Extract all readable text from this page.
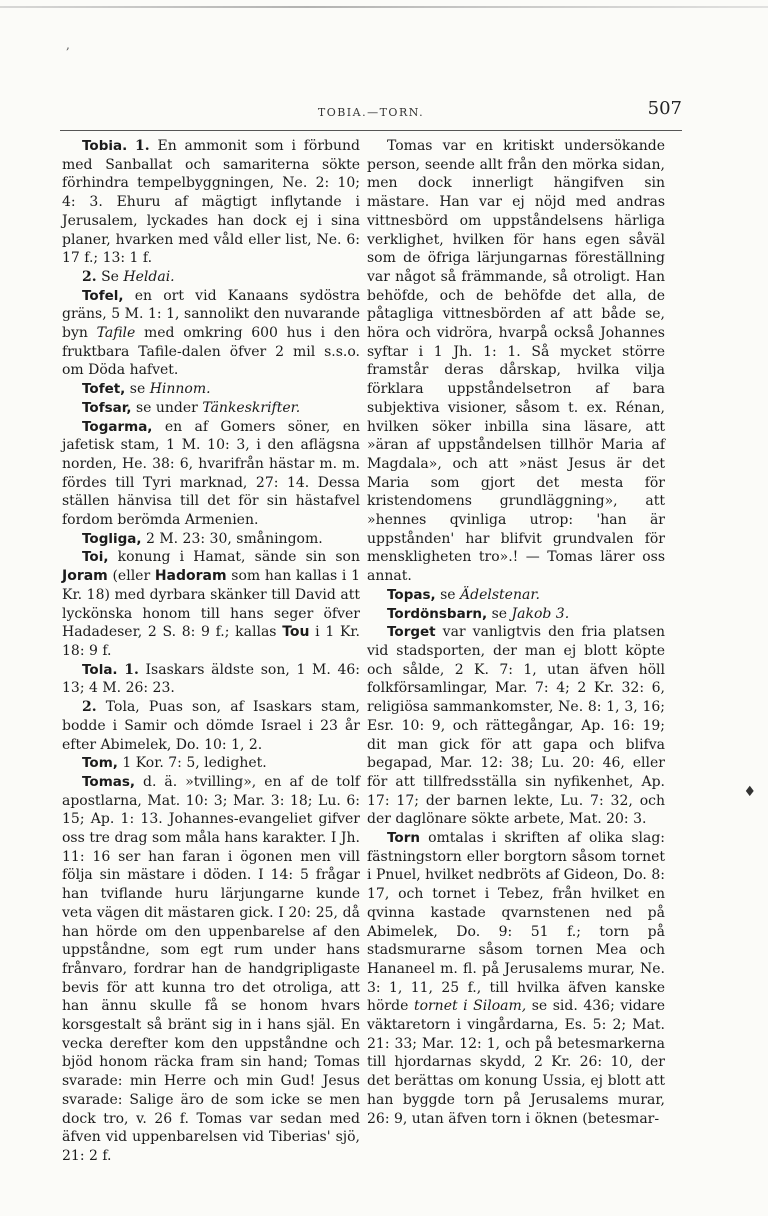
,
♦
TOBIA.—TORN.	507

Tobia. 1. En ammonit som i förbund med Sanballat och samariterna sökte förhindra tempelbyggningen, Ne. 2: 10; 4: 3. Ehuru af mägtigt inflytande i Jerusalem, lyckades han dock ej i sina planer, hvarken med våld eller list, Ne. 6: 17 f.; 13: 1 f.

2. Se Heldai.

Tofel, en ort vid Kanaans sydöstra gräns, 5 M. 1: 1, sannolikt den nuvarande byn Tafile med omkring 600 hus i den fruktbara Tafile-dalen öfver 2 mil s.s.o. om Döda hafvet.

Tofet, se Hinnom.

Tofsar, se under Tänkeskrifter.

Togarma, en af Gomers söner, en jafetisk stam, 1 M. 10: 3, i den aflägsna norden, He. 38: 6, hvarifrån hästar m. m. fördes till Tyri marknad, 27: 14. Dessa ställen hänvisa till det för sin hästafvel fordom berömda Armenien.

Togliga, 2 M. 23: 30, småningom.

Toi, konung i Hamat, sände sin son Joram (eller Hadoram som han kallas i 1 Kr. 18) med dyrbara skänker till David att lyckönska honom till hans seger öfver Hadadeser, 2 S. 8: 9 f.; kallas Tou i 1 Kr. 18: 9 f.

Tola. 1. Isaskars äldste son, 1 M. 46: 13; 4 M. 26: 23.

2. Tola, Puas son, af Isaskars stam, bodde i Samir och dömde Israel i 23 år efter Abimelek, Do. 10: 1, 2.

Tom, 1 Kor. 7: 5, ledighet.

Tomas, d. ä. »tvilling», en af de tolf apostlarna, Mat. 10: 3; Mar. 3: 18; Lu. 6: 15; Ap. 1: 13. Johannes-evangeliet gifver oss tre drag som måla hans karakter. I Jh. 11: 16 ser han faran i ögonen men vill följa sin mästare i döden. I 14: 5 frågar han tviflande huru lärjungarne kunde veta vägen dit mästaren gick. I 20: 25, då han hörde om den uppenbarelse af den uppståndne, som egt rum under hans frånvaro, fordrar han de handgripligaste bevis för att kunna tro det otroliga, att han ännu skulle få se honom hvars korsgestalt så bränt sig in i hans själ. En vecka derefter kom den uppståndne och bjöd honom räcka fram sin hand; Tomas svarade: min Herre och min Gud! Jesus svarade: Saligе äro de som icke se men dock tro, v. 26 f. Tomas var sedan med äfven vid uppenbarelsen vid Tiberias' sjö, 21: 2 f.

Tomas var en kritiskt undersökande person, seende allt från den mörka sidan, men dock innerligt hängifven sin mästare. Han var ej nöjd med andras vittnesbörd om uppståndelsens härliga verklighet, hvilken för hans egen såväl som de öfriga lärjungarnas föreställning var något så främmande, så otroligt. Han behöfde, och de behöfde det alla, de påtagliga vittnesbörden af att både se, höra och vidröra, hvarpå också Johannes syftar i 1 Jh. 1: 1. Så mycket större framstår deras dårskap, hvilka vilja förklara uppståndelsetron af bara subjektiva visioner, såsom t. ex. Rénan, hvilken söker inbilla sina läsare, att »äran af uppståndelsen tillhör Maria af Magdala», och att »näst Jesus är det Maria som gjort det mesta för kristendomens grundläggning», att »hennes qvinliga utrop: 'han är uppstånden' har blifvit grundvalen för menskligheten tro».! — Tomas lärer oss annat.

Topas, se Ädelstenar.

Tordönsbarn, se Jakob 3.

Torget var vanligtvis den fria platsen vid stadsporten, der man ej blott köpte och sålde, 2 K. 7: 1, utan äfven höll folkförsamlingar, Mar. 7: 4; 2 Kr. 32: 6, religiösa sammankomster, Ne. 8: 1, 3, 16; Esr. 10: 9, och rättegångar, Ap. 16: 19; dit man gick för att gapa och blifva begapad, Mar. 12: 38; Lu. 20: 46, eller för att tillfredsställa sin nyfikenhet, Ap. 17: 17; der barnen lekte, Lu. 7: 32, och der daglönare sökte arbete, Mat. 20: 3.

Torn omtalas i skriften af olika slag: fästningstorn eller borgtorn såsom tornet i Pnuel, hvilket nedbröts af Gideon, Do. 8: 17, och tornet i Tebez, från hvilket en qvinna kastade qvarnstenen ned på Abimelek, Do. 9: 51 f.; torn på stadsmurarne såsom tornen Mea och Hananeel m. fl. på Jerusalems murar, Ne. 3: 1, 11, 25 f., till hvilka äfven kanske hörde tornet i Siloam, se sid. 436; vidare väktaretorn i vingårdarna, Es. 5: 2; Mat. 21: 33; Mar. 12: 1, och på betesmarkerna till hjordarnas skydd, 2 Kr. 26: 10, der det berättas om konung Ussia, ej blott att han byggde torn på Jerusalems murar, 26: 9, utan äfven torn i öknen (betesmar-
